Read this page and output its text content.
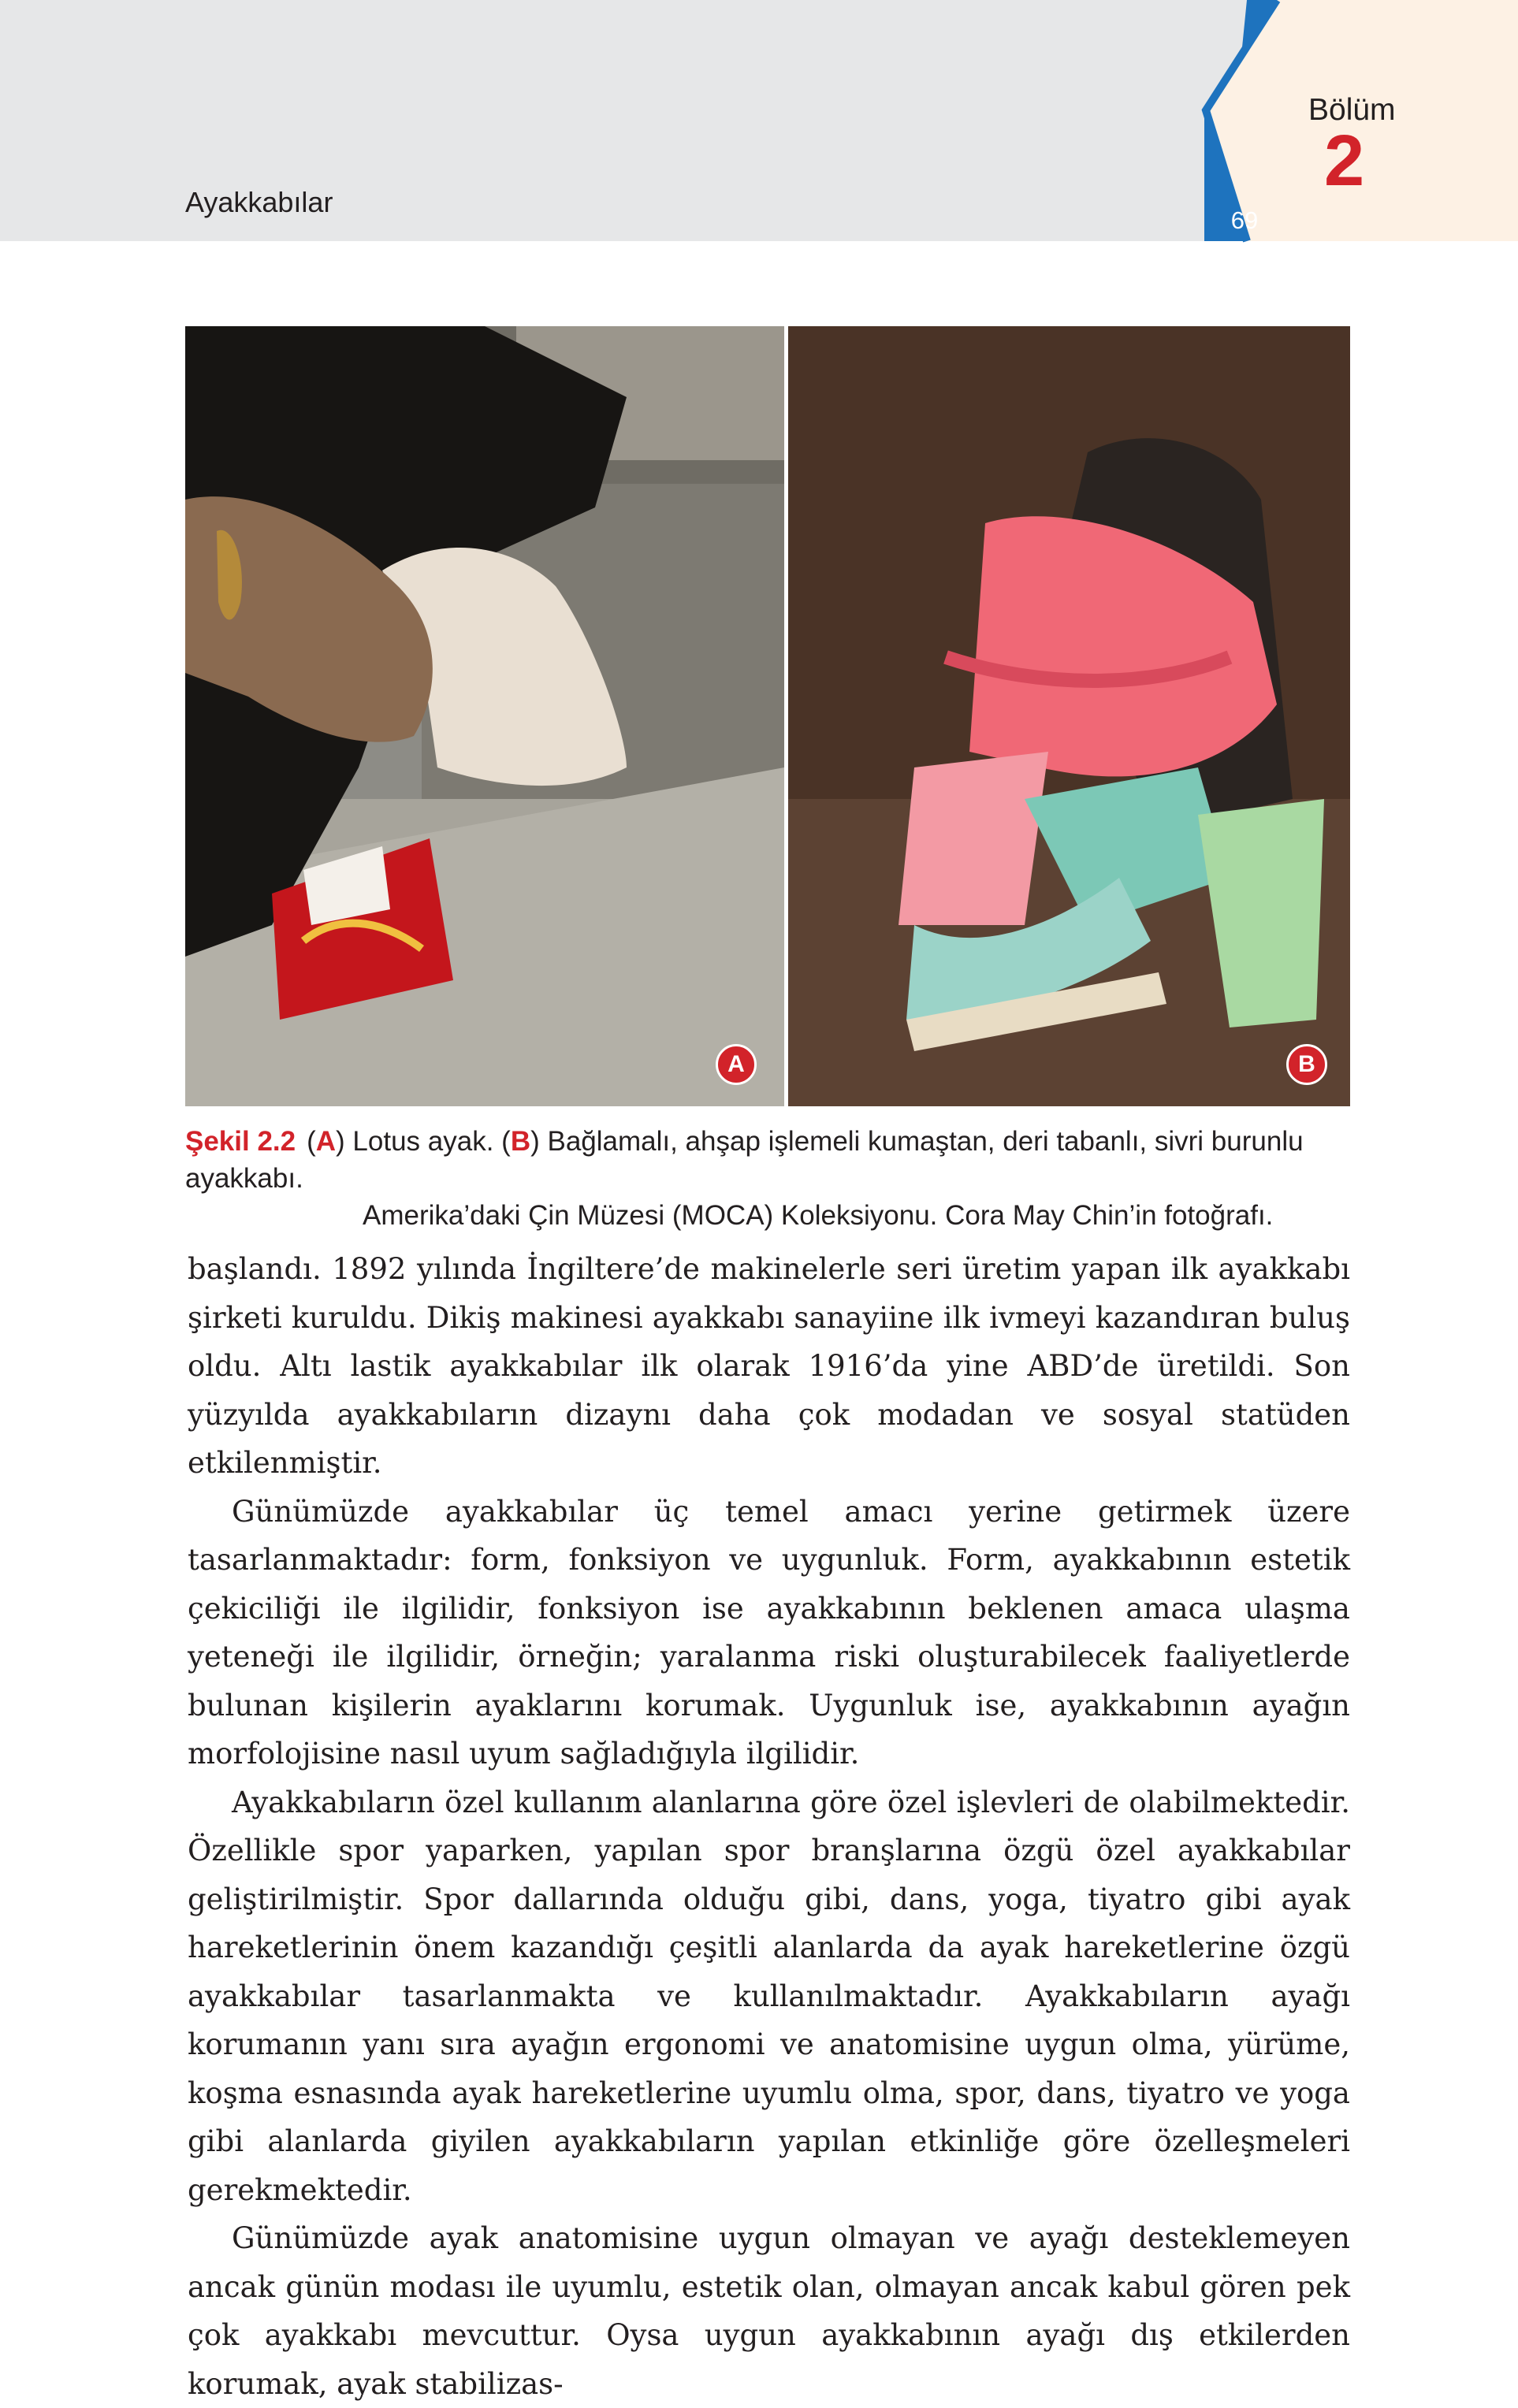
Ayakkabılar
69
Bölüm
2
A	B
Şekil 2.2 (A) Lotus ayak. (B) Bağlamalı, ahşap işlemeli kumaştan, deri tabanlı, sivri burunlu ayakkabı.
Amerika’daki Çin Müzesi (MOCA) Koleksiyonu. Cora May Chin’in fotoğrafı.

başlandı. 1892 yılında İngiltere’de makinelerle seri üretim yapan ilk ayakkabı şirketi kuruldu. Dikiş makinesi ayakkabı sanayiine ilk ivmeyi kazandıran buluş oldu. Altı lastik ayakkabılar ilk olarak 1916’da yine ABD’de üretildi. Son yüzyılda ayakkabıların dizaynı daha çok modadan ve sosyal statüden etkilenmiştir.

Günümüzde ayakkabılar üç temel amacı yerine getirmek üzere tasarlanmaktadır: form, fonksiyon ve uygunluk. Form, ayakkabının estetik çekiciliği ile ilgilidir, fonksiyon ise ayakkabının beklenen amaca ulaşma yeteneği ile ilgilidir, örneğin; yaralanma riski oluşturabilecek faaliyetlerde bulunan kişilerin ayaklarını korumak. Uygunluk ise, ayakkabının ayağın morfolojisine nasıl uyum sağladığıyla ilgilidir.

Ayakkabıların özel kullanım alanlarına göre özel işlevleri de olabilmektedir. Özellikle spor yaparken, yapılan spor branşlarına özgü özel ayakkabılar geliştirilmiştir. Spor dallarında olduğu gibi, dans, yoga, tiyatro gibi ayak hareketlerinin önem kazandığı çeşitli alanlarda da ayak hareketlerine özgü ayakkabılar tasarlanmakta ve kullanılmaktadır. Ayakkabıların ayağı korumanın yanı sıra ayağın ergonomi ve anatomisine uygun olma, yürüme, koşma esnasında ayak hareketlerine uyumlu olma, spor, dans, tiyatro ve yoga gibi alanlarda giyilen ayakkabıların yapılan etkinliğe göre özelleşmeleri gerekmektedir.

Günümüzde ayak anatomisine uygun olmayan ve ayağı desteklemeyen ancak günün modası ile uyumlu, estetik olan, olmayan ancak kabul gören pek çok ayakkabı mevcuttur. Oysa uygun ayakkabının ayağı dış etkilerden korumak, ayak stabilizas-
